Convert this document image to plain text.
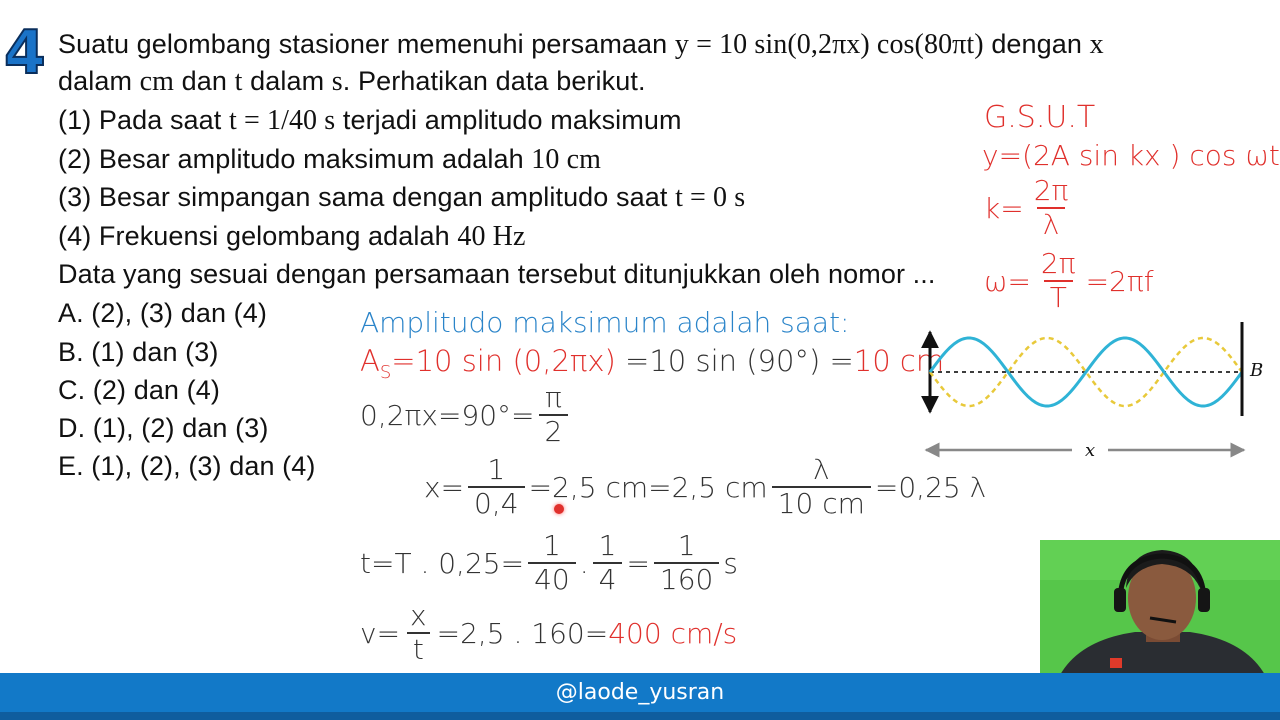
4 Suatu gelombang stasioner memenuhi persamaan y = 10 sin(0,2πx) cos(80πt) dengan x
dalam cm dan t dalam s. Perhatikan data berikut.
(1) Pada saat t = 1/40 s terjadi amplitudo maksimum
(2) Besar amplitudo maksimum adalah 10 cm
(3) Besar simpangan sama dengan amplitudo saat t = 0 s
(4) Frekuensi gelombang adalah 40 Hz
Data yang sesuai dengan persamaan tersebut ditunjukkan oleh nomor ...
A. (2), (3) dan (4)
B. (1) dan (3)
C. (2) dan (4)
D. (1), (2) dan (3)
E. (1), (2), (3) dan (4)
G.S.U.T
y=(2A sin kx ) cos ωt
$k= \frac{2\pi}{\lambda}$
$\omega= \frac{2\pi}{T} =2\pi f$
Amplitudo maksimum adalah saat:
$A_S=10$ sin (0,2πx) =10 sin (90°) =10 cm
$0,2\pi x=90^\circ= \frac{\pi}{2}$
$x= \frac{1}{0,4} =2,5$ cm=2,5 cm $\frac{\lambda}{10 cm} =0,25$ λ
t=T . $0,25= \frac{1}{40}$ . $\frac{1}{4} = \frac{1}{160}$ s
$v= \frac{x}{t} =2,5$ . 160= 400 cm/s
B
x
@laode_yusran
